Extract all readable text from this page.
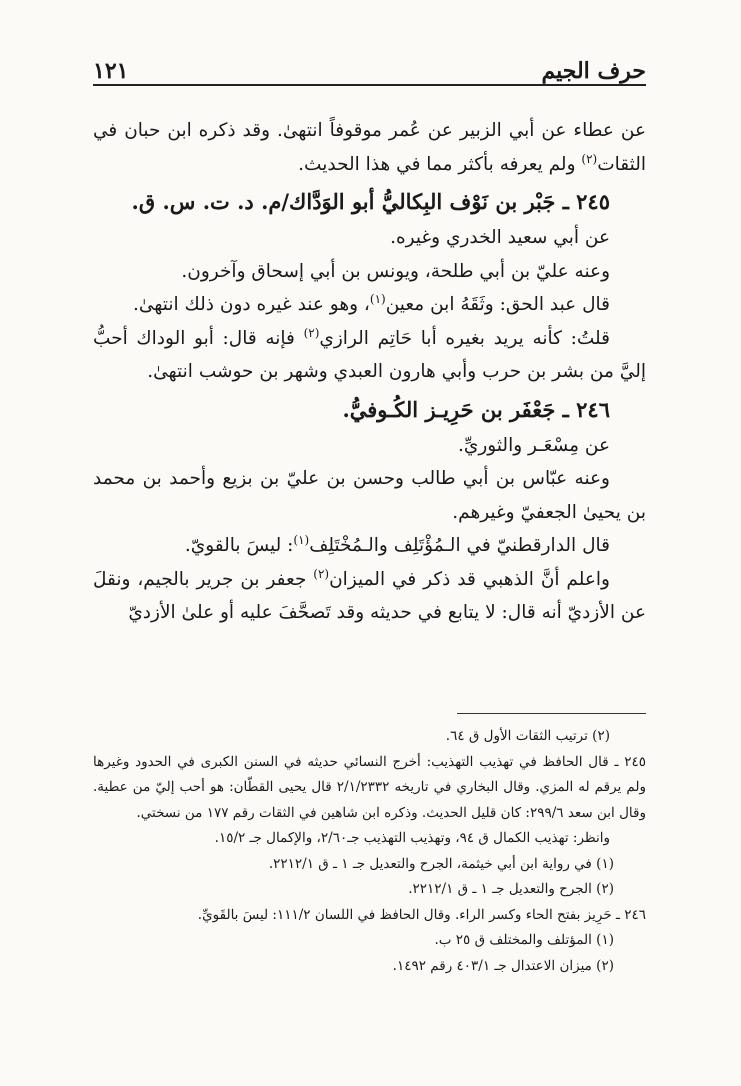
حرف الجيم
١٢١

عن عطاء عن أبي الزبير عن عُمر موقوفاً انتهىٰ. وقد ذكره ابن حبان في الثقات$^{(٢)}$ ولم يعرفه بأكثر مما في هذا الحديث.

٢٤٥ ـ جَبْر بن نَوْف البِكاليُّ أبو الوَدَّاك/م. د. ت. س. ق.

عن أبي سعيد الخدري وغيره.

وعنه عليّ بن أبي طلحة، ويونس بن أبي إسحاق وآخرون.

قال عبد الحق: وثَقَهُ ابن معين$^{(١)}$، وهو عند غيره دون ذلك انتهىٰ.

قلتُ: كأنه يريد بغيره أبا حَاتِم الرازي$^{(٢)}$ فإنه قال: أبو الوداك أحبُّ إليَّ من بشر بن حرب وأبي هارون العبدي وشهر بن حوشب انتهىٰ.

٢٤٦ ـ جَعْفَر بن حَرِيـز الكُـوفيُّ.

عن مِسْعَـر والثوريِّ.

وعنه عبّاس بن أبي طالب وحسن بن عليّ بن بزيع وأحمد بن محمد بن يحيىٰ الجعفيّ وغيرهم.

قال الدارقطنيّ في الـمُؤْتَلِف والـمُخْتَلِف$^{(١)}$: ليسَ بالقويّ.

واعلم أنَّ الذهبي قد ذكر في الميزان$^{(٢)}$ جعفر بن جرير بالجيم، ونقلَ عن الأزديّ أنه قال: لا يتابع في حديثه وقد تَصحَّفَ عليه أو علىٰ الأزديّ

(٢) ترتيب الثقات الأول ق ٦٤.

٢٤٥ ـ قال الحافظ في تهذيب التهذيب: أخرج النسائي حديثه في السنن الكبرى في الحدود وغيرها ولم يرقم له المزي. وقال البخاري في تاريخه ٢/١/٢٣٣٢ قال يحيى القطّان: هو أحب إليّ من عطية. وقال ابن سعد ٢٩٩/٦: كان قليل الحديث. وذكره ابن شاهين في الثقات رقم ١٧٧ من نسختي.

وانظر: تهذيب الكمال ق ٩٤، وتهذيب التهذيب جـ٢/٦٠، والإكمال جـ ١٥/٢.

(١) في رواية ابن أبي خيثمة، الجرح والتعديل جـ ١ ـ ق ٢٢١٢/١.

(٢) الجرح والتعديل جـ ١ ـ ق ٢٢١٢/١.

٢٤٦ ـ حَرِيز بفتح الحاء وكسر الراء. وقال الحافظ في اللسان ١١١/٢: ليسَ بالقَويِّ.

(١) المؤتلف والمختلف ق ٢٥ ب.

(٢) ميزان الاعتدال جـ ٤٠٣/١ رقم ١٤٩٢.
